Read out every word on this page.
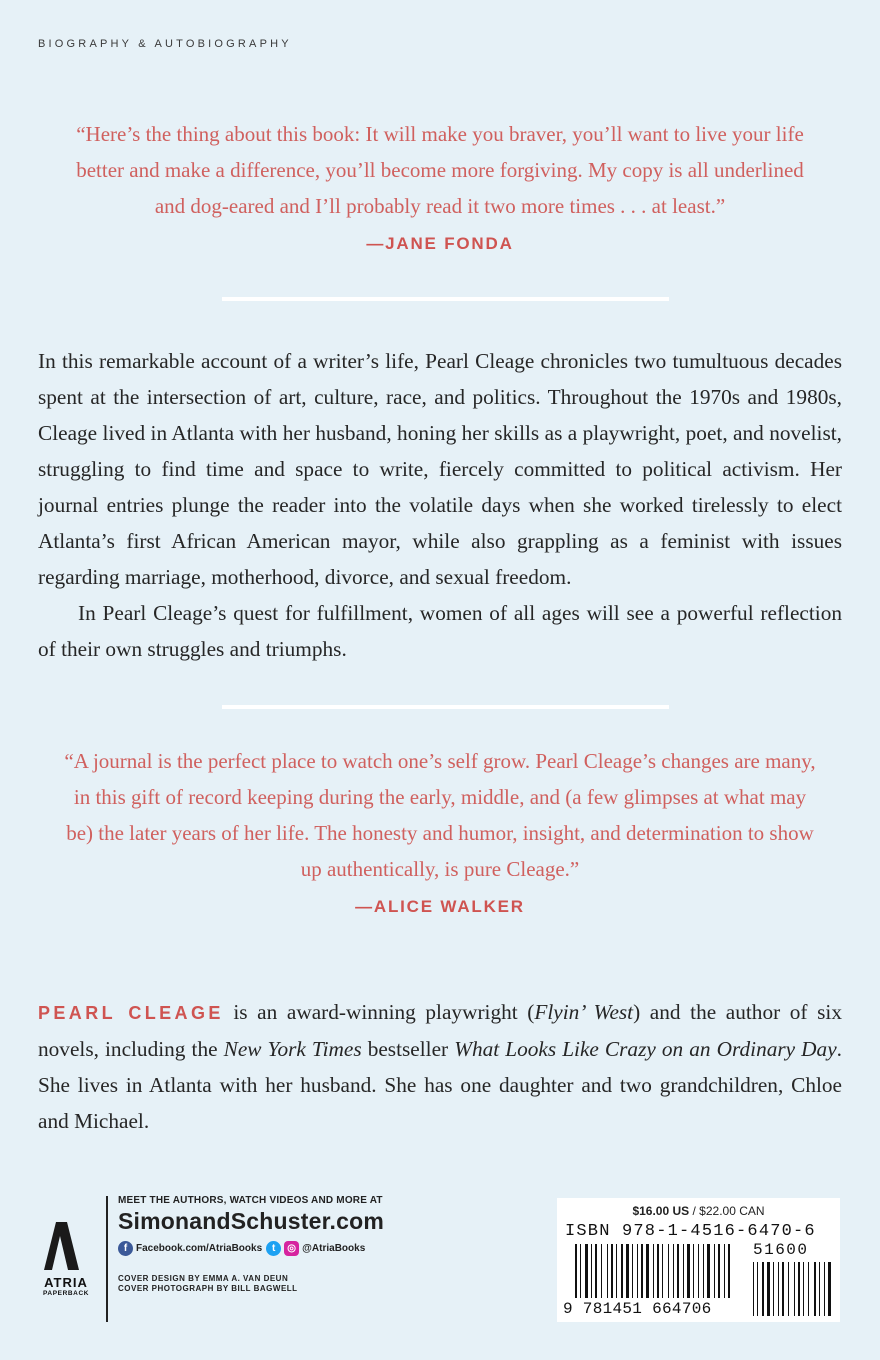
BIOGRAPHY & AUTOBIOGRAPHY
“Here’s the thing about this book: It will make you braver, you’ll want to live your life better and make a difference, you’ll become more forgiving. My copy is all underlined and dog-eared and I’ll probably read it two more times . . . at least.”
—JANE FONDA

In this remarkable account of a writer’s life, Pearl Cleage chronicles two tumultuous decades spent at the intersection of art, culture, race, and politics. Throughout the 1970s and 1980s, Cleage lived in Atlanta with her husband, honing her skills as a playwright, poet, and novelist, struggling to find time and space to write, fiercely committed to political activism. Her journal entries plunge the reader into the volatile days when she worked tirelessly to elect Atlanta’s first African American mayor, while also grappling as a feminist with issues regarding marriage, motherhood, divorce, and sexual freedom.

In Pearl Cleage’s quest for fulfillment, women of all ages will see a powerful reflection of their own struggles and triumphs.

“A journal is the perfect place to watch one’s self grow. Pearl Cleage’s changes are many, in this gift of record keeping during the early, middle, and (a few glimpses at what may be) the later years of her life. The honesty and humor, insight, and determination to show up authentically, is pure Cleage.”
—ALICE WALKER

PEARL CLEAGE is an award-winning playwright (Flyin’ West) and the author of six novels, including the New York Times bestseller What Looks Like Crazy on an Ordinary Day. She lives in Atlanta with her husband. She has one daughter and two grandchildren, Chloe and Michael.

ATRIA
PAPERBACK
MEET THE AUTHORS, WATCH VIDEOS AND MORE AT
SimonandSchuster.com
f Facebook.com/AtriaBooks t	◎ @AtriaBooks
COVER DESIGN BY EMMA A. VAN DEUN
COVER PHOTOGRAPH BY BILL BAGWELL
$16.00 US / $22.00 CAN
ISBN 978-1-4516-6470-6
51600
9 781451 664706
